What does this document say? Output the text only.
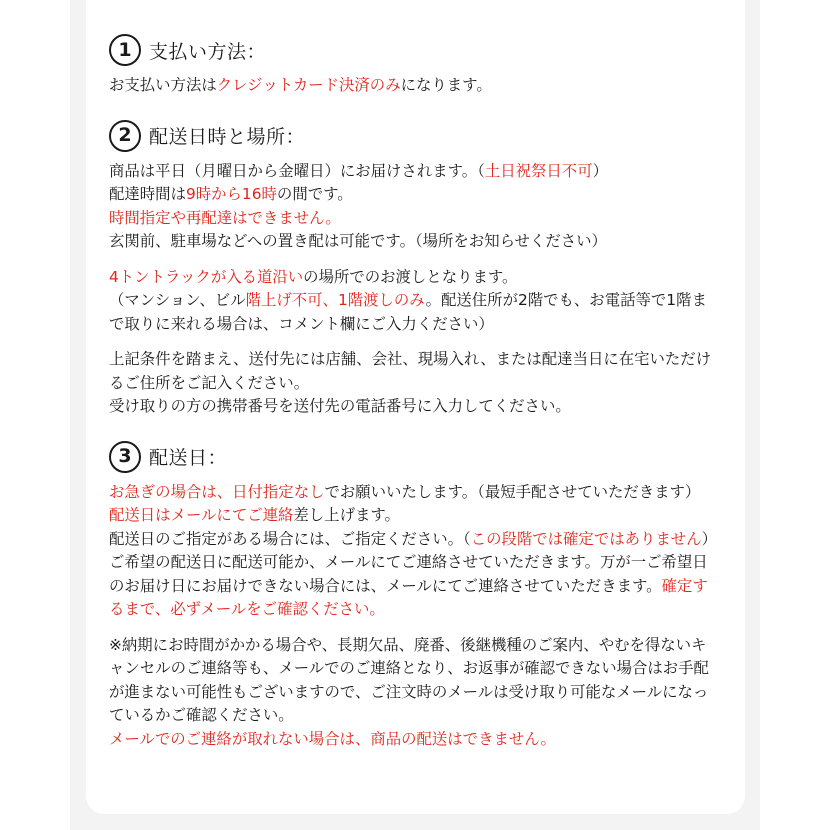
1 支払い方法：

お支払い方法はクレジットカード決済のみになります。

2 配送日時と場所：

商品は平日（月曜日から金曜日）にお届けされます。（土日祝祭日不可）
配達時間は9時から16時の間です。
時間指定や再配達はできません。
玄関前、駐車場などへの置き配は可能です。（場所をお知らせください）

4トントラックが入る道沿いの場所でのお渡しとなります。
（マンション、ビル階上げ不可、1階渡しのみ。配送住所が2階でも、お電話等で1階まで取りに来れる場合は、コメント欄にご入力ください）

上記条件を踏まえ、送付先には店舗、会社、現場入れ、または配達当日に在宅いただけるご住所をご記入ください。
受け取りの方の携帯番号を送付先の電話番号に入力してください。

3 配送日：

お急ぎの場合は、日付指定なしでお願いいたします。（最短手配させていただきます）
配送日はメールにてご連絡差し上げます。
配送日のご指定がある場合には、ご指定ください。（この段階では確定ではありません）
ご希望の配送日に配送可能か、メールにてご連絡させていただきます。万が一ご希望日のお届け日にお届けできない場合には、メールにてご連絡させていただきます。確定するまで、必ずメールをご確認ください。

※納期にお時間がかかる場合や、長期欠品、廃番、後継機種のご案内、やむを得ないキャンセルのご連絡等も、メールでのご連絡となり、お返事が確認できない場合はお手配が進まない可能性もございますので、ご注文時のメールは受け取り可能なメールになっているかご確認ください。
メールでのご連絡が取れない場合は、商品の配送はできません。
